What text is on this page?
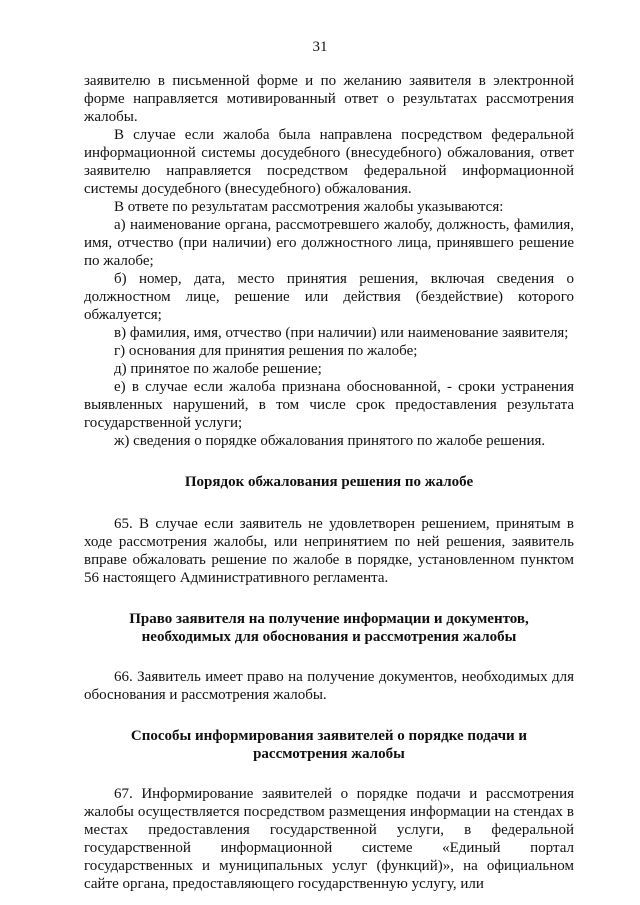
31

заявителю в письменной форме и по желанию заявителя в электронной форме направляется мотивированный ответ о результатах рассмотрения жалобы.

В случае если жалоба была направлена посредством федеральной информационной системы досудебного (внесудебного) обжалования, ответ заявителю направляется посредством федеральной информационной системы досудебного (внесудебного) обжалования.

В ответе по результатам рассмотрения жалобы указываются:

а) наименование органа, рассмотревшего жалобу, должность, фамилия, имя, отчество (при наличии) его должностного лица, принявшего решение по жалобе;

б) номер, дата, место принятия решения, включая сведения о должностном лице, решение или действия (бездействие) которого обжалуется;

в) фамилия, имя, отчество (при наличии) или наименование заявителя;

г) основания для принятия решения по жалобе;

д) принятое по жалобе решение;

е) в случае если жалоба признана обоснованной, - сроки устранения выявленных нарушений, в том числе срок предоставления результата государственной услуги;

ж) сведения о порядке обжалования принятого по жалобе решения.

Порядок обжалования решения по жалобе

65. В случае если заявитель не удовлетворен решением, принятым в ходе рассмотрения жалобы, или непринятием по ней решения, заявитель вправе обжаловать решение по жалобе в порядке, установленном пунктом 56 настоящего Административного регламента.

Право заявителя на получение информации и документов,

необходимых для обоснования и рассмотрения жалобы

66. Заявитель имеет право на получение документов, необходимых для обоснования и рассмотрения жалобы.

Способы информирования заявителей о порядке подачи и

рассмотрения жалобы

67. Информирование заявителей о порядке подачи и рассмотрения жалобы осуществляется посредством размещения информации на стендах в местах предоставления государственной услуги, в федеральной государственной информационной системе «Единый портал государственных и муниципальных услуг (функций)», на официальном сайте органа, предоставляющего государственную услугу, или
